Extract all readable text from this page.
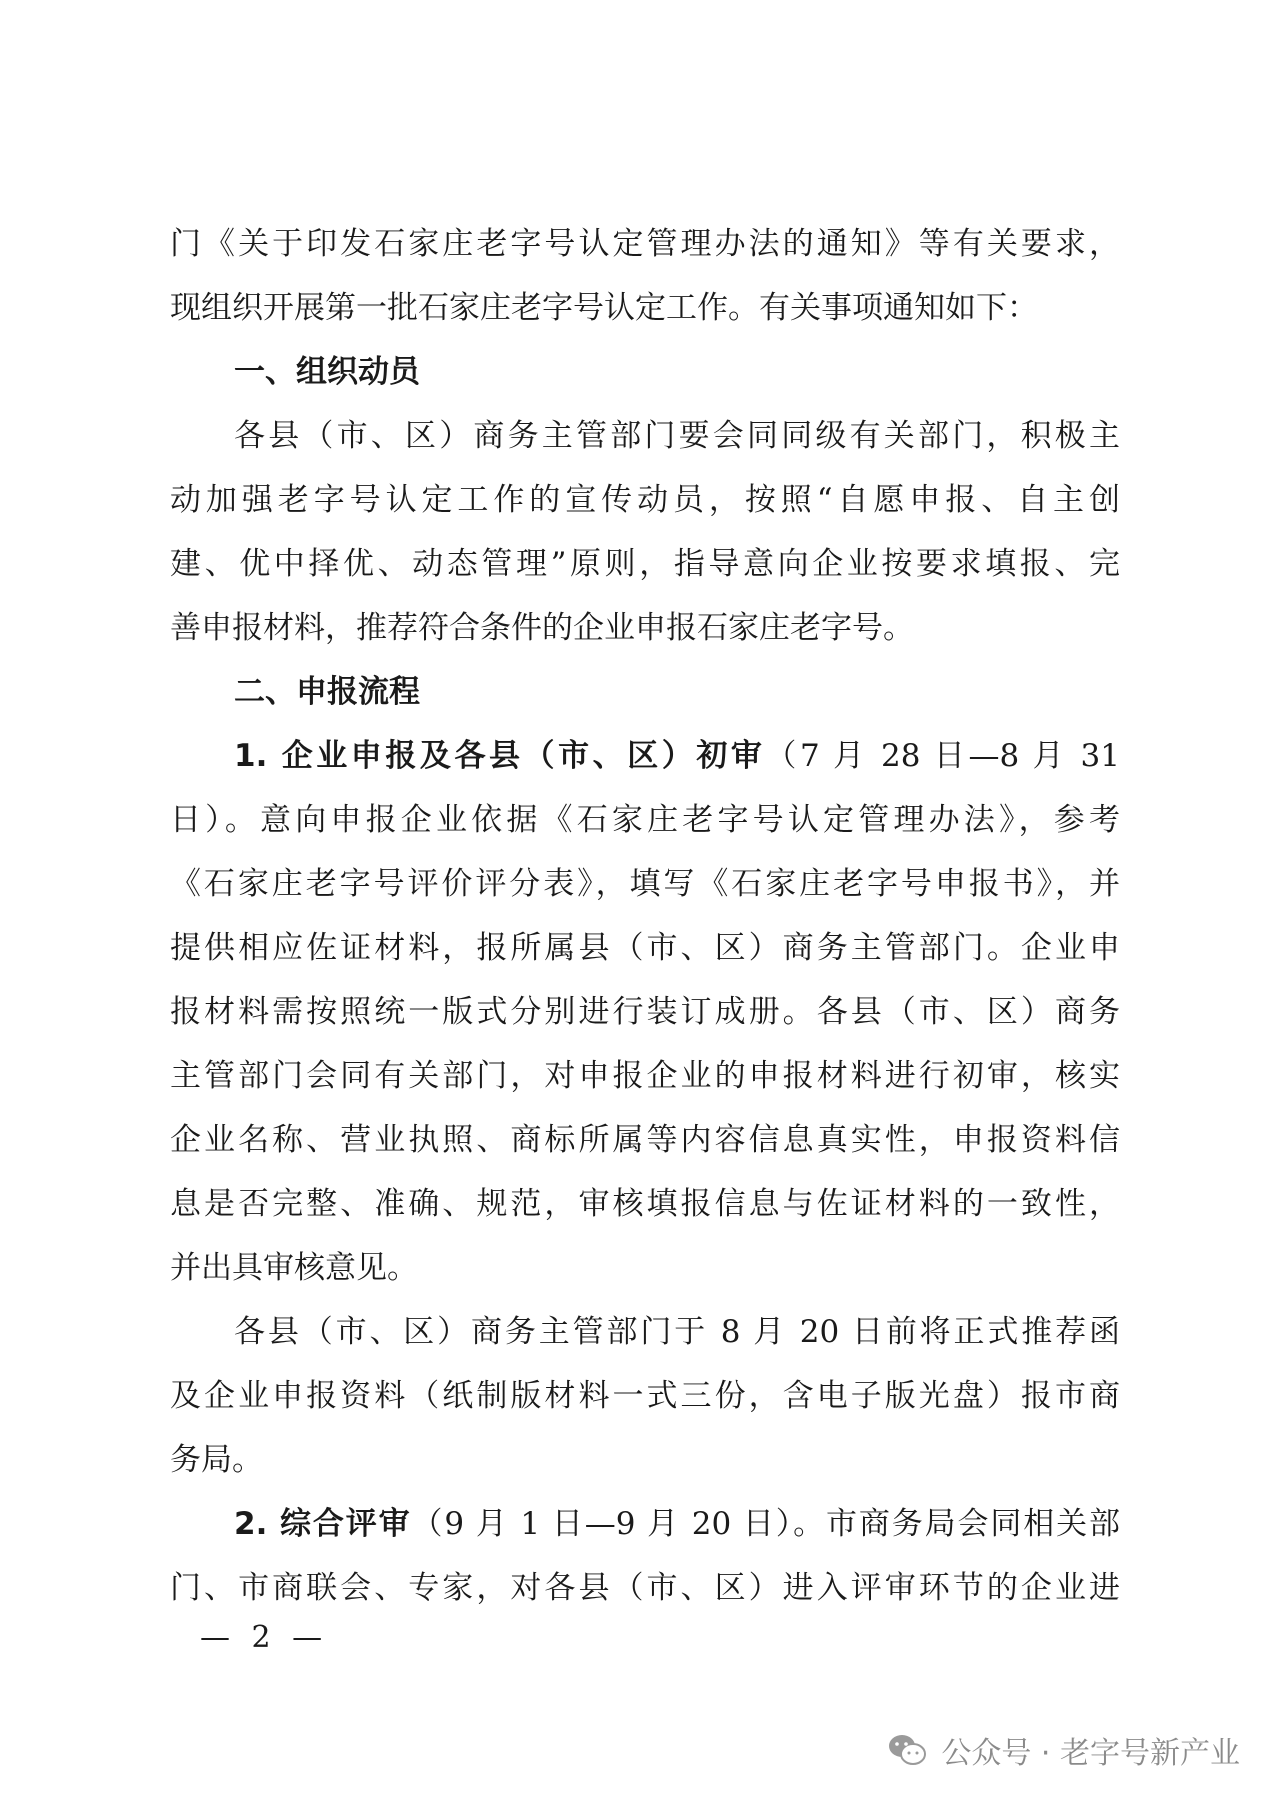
门《关于印发石家庄老字号认定管理办法的通知》等有关要求，
现组织开展第一批石家庄老字号认定工作。有关事项通知如下：
一、组织动员
各县（市、区）商务主管部门要会同同级有关部门，积极主
动加强老字号认定工作的宣传动员，按照“自愿申报、自主创
建、优中择优、动态管理”原则，指导意向企业按要求填报、完
善申报材料，推荐符合条件的企业申报石家庄老字号。
二、申报流程
1. 企业申报及各县（市、区）初审（7 月 28 日—8 月 31
日）。意向申报企业依据《石家庄老字号认定管理办法》，参考
《石家庄老字号评价评分表》，填写《石家庄老字号申报书》，并
提供相应佐证材料，报所属县（市、区）商务主管部门。企业申
报材料需按照统一版式分别进行装订成册。各县（市、区）商务
主管部门会同有关部门，对申报企业的申报材料进行初审，核实
企业名称、营业执照、商标所属等内容信息真实性，申报资料信
息是否完整、准确、规范，审核填报信息与佐证材料的一致性，
并出具审核意见。
各县（市、区）商务主管部门于 8 月 20 日前将正式推荐函
及企业申报资料（纸制版材料一式三份，含电子版光盘）报市商
务局。
2. 综合评审（9 月 1 日—9 月 20 日）。市商务局会同相关部
门、市商联会、专家，对各县（市、区）进入评审环节的企业进
— 2 —
公众号 · 老字号新产业
